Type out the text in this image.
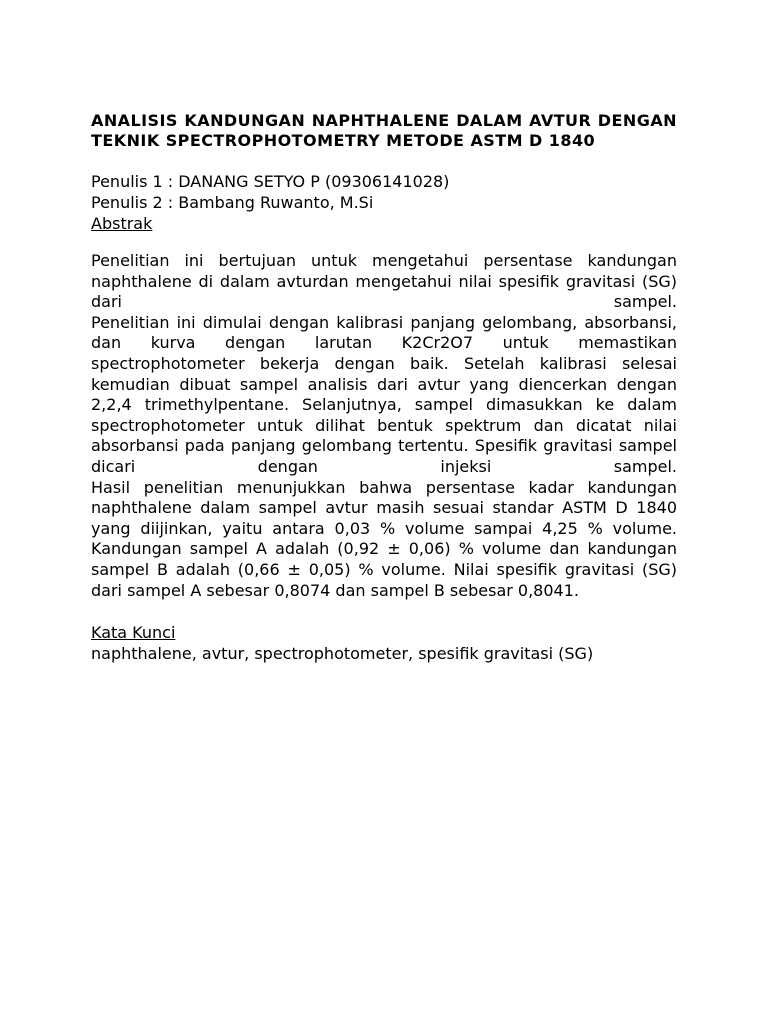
ANALISIS KANDUNGAN NAPHTHALENE DALAM AVTUR DENGAN TEKNIK SPECTROPHOTOMETRY METODE ASTM D 1840
Penulis 1 : DANANG SETYO P (09306141028)
Penulis 2 : Bambang Ruwanto, M.Si
Abstrak
Penelitian ini bertujuan untuk mengetahui persentase kandungan naphthalene di dalam avturdan mengetahui nilai spesifik gravitasi (SG) dari sampel.
Penelitian ini dimulai dengan kalibrasi panjang gelombang, absorbansi, dan kurva dengan larutan K2Cr2O7 untuk memastikan spectrophotometer bekerja dengan baik. Setelah kalibrasi selesai kemudian dibuat sampel analisis dari avtur yang diencerkan dengan 2,2,4 trimethylpentane. Selanjutnya, sampel dimasukkan ke dalam spectrophotometer untuk dilihat bentuk spektrum dan dicatat nilai absorbansi pada panjang gelombang tertentu. Spesifik gravitasi sampel dicari dengan injeksi sampel.
Hasil penelitian menunjukkan bahwa persentase kadar kandungan naphthalene dalam sampel avtur masih sesuai standar ASTM D 1840 yang diijinkan, yaitu antara 0,03 % volume sampai 4,25 % volume. Kandungan sampel A adalah (0,92 ± 0,06) % volume dan kandungan sampel B adalah (0,66 ± 0,05) % volume. Nilai spesifik gravitasi (SG) dari sampel A sebesar 0,8074 dan sampel B sebesar 0,8041.
Kata Kunci
naphthalene, avtur, spectrophotometer, spesifik gravitasi (SG)
